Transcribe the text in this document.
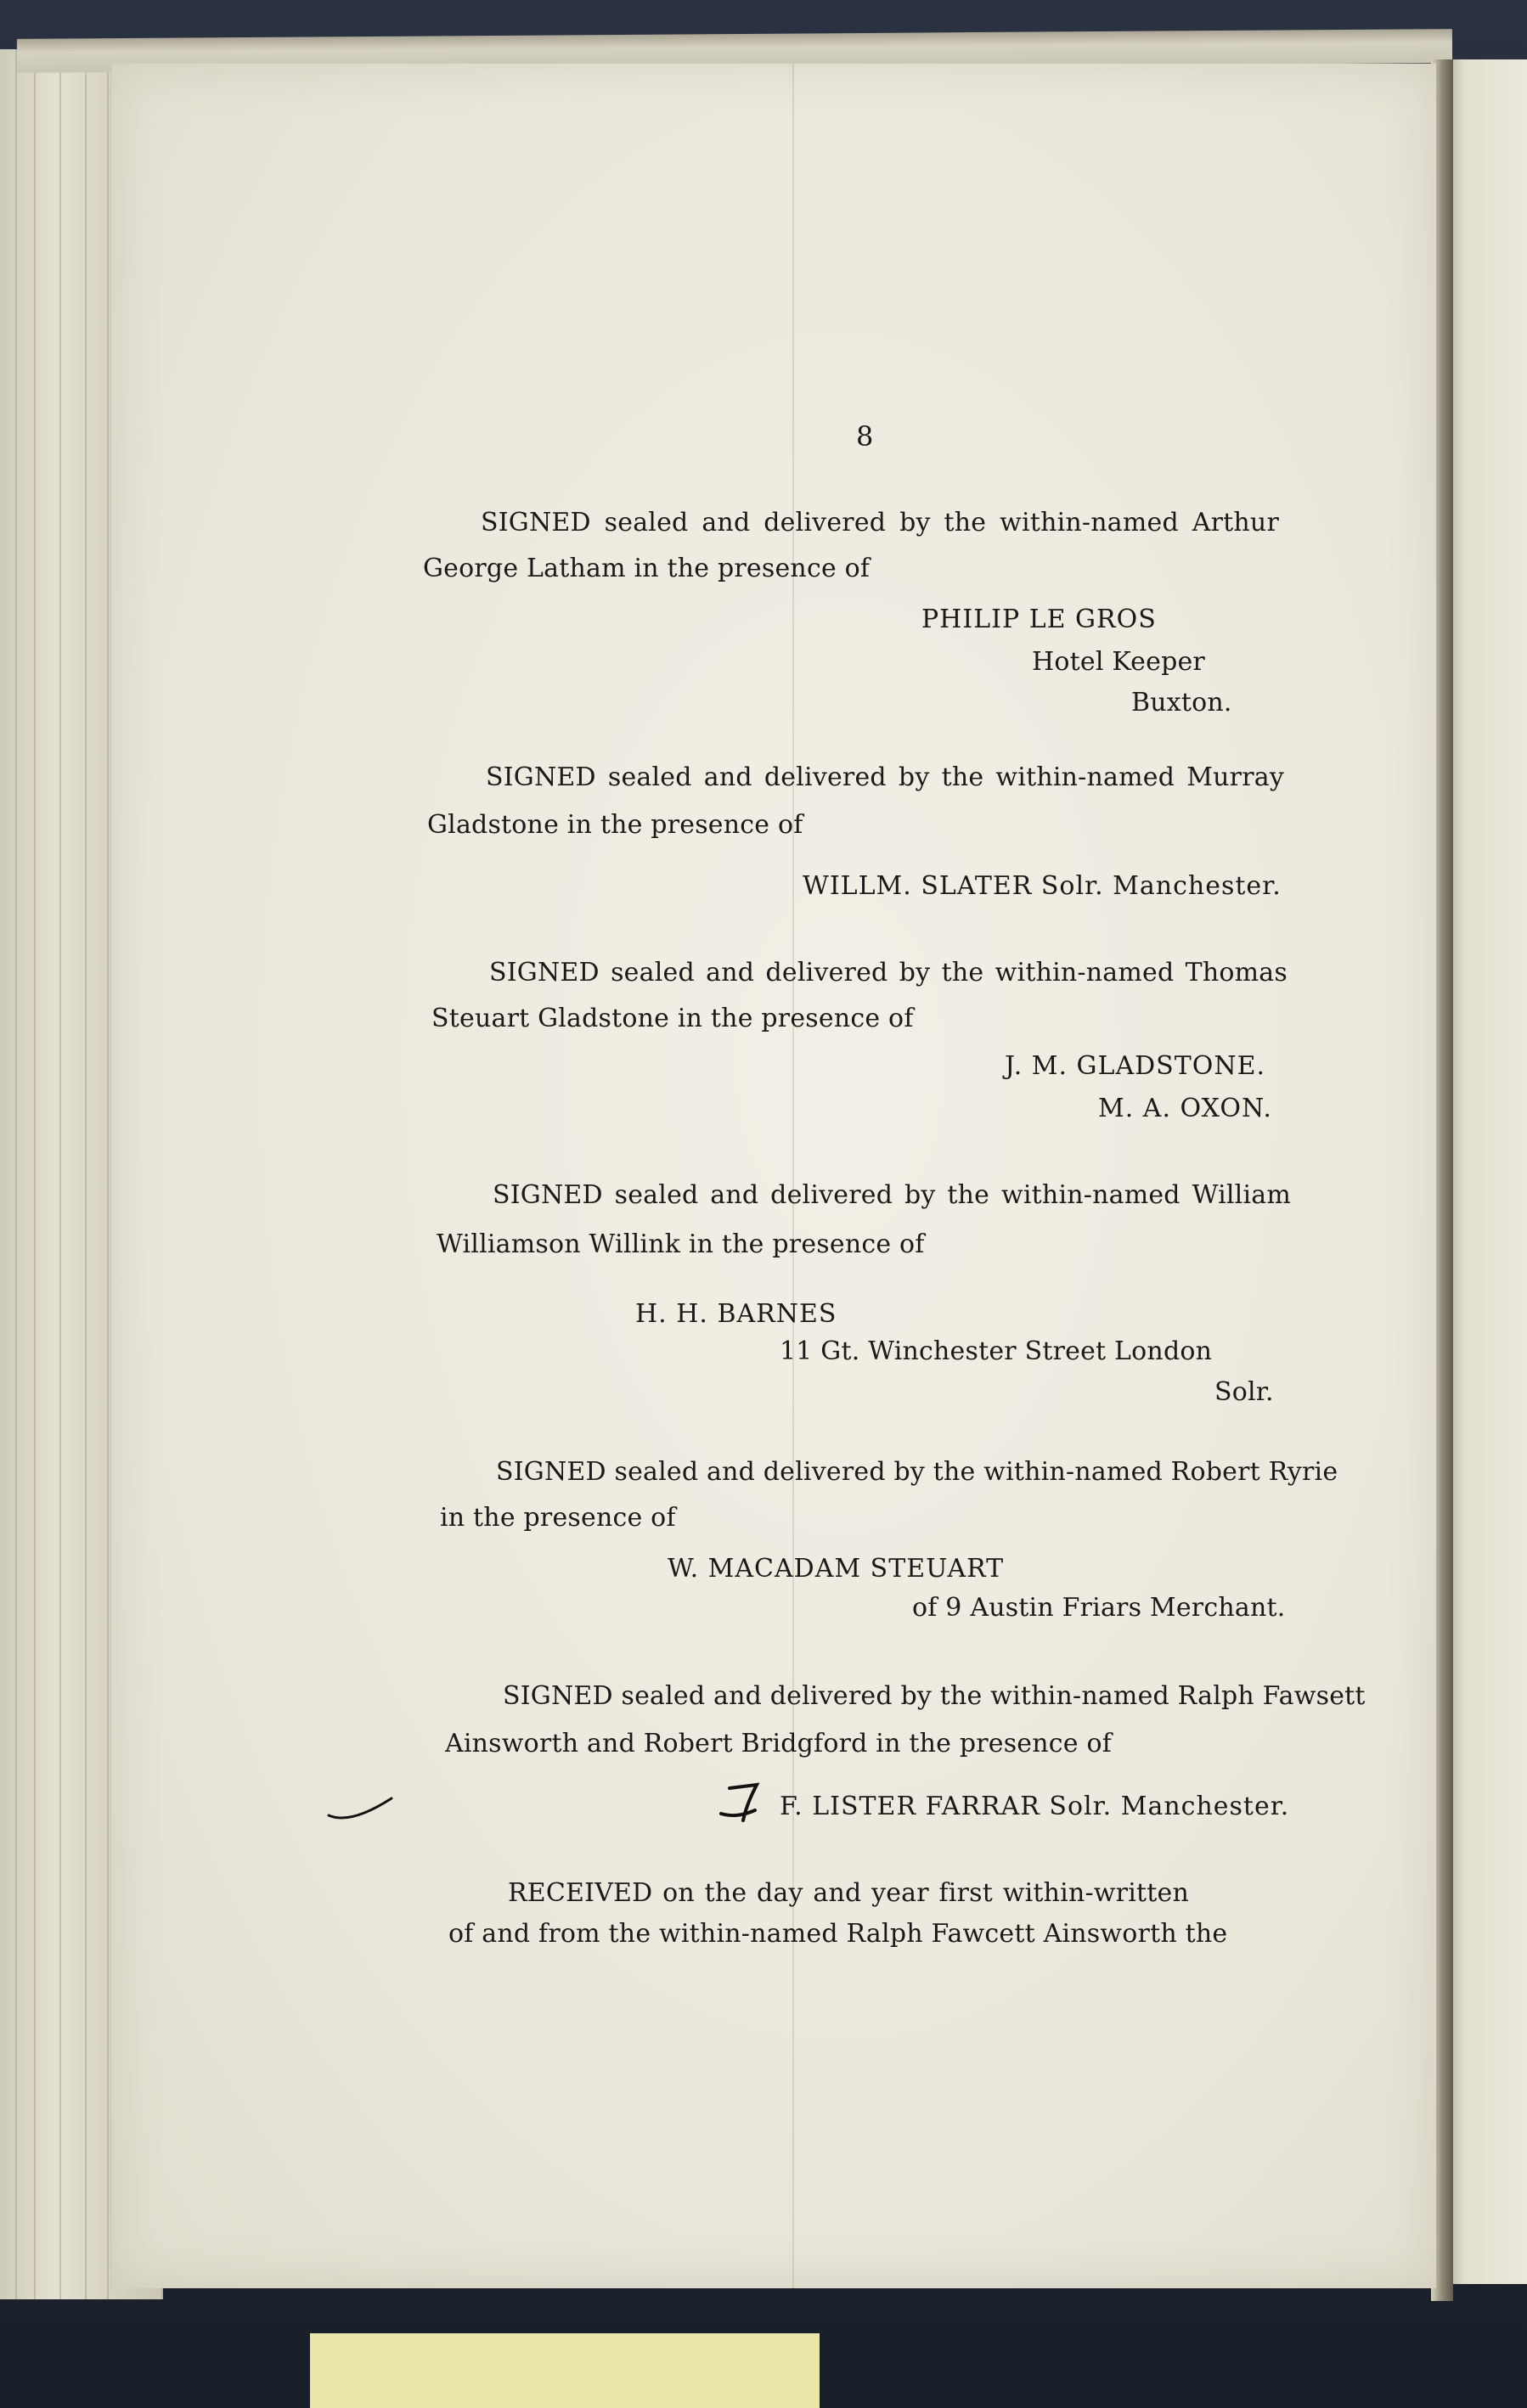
8
SIGNED sealed and delivered by the within-named Arthur
George Latham in the presence of
PHILIP LE GROS
Hotel Keeper
Buxton.
SIGNED sealed and delivered by the within-named Murray
Gladstone in the presence of
WILLM. SLATER Solr. Manchester.
SIGNED sealed and delivered by the within-named Thomas
Steuart Gladstone in the presence of
J. M. GLADSTONE.
M. A. OXON.
SIGNED sealed and delivered by the within-named William
Williamson Willink in the presence of
H. H. BARNES
11 Gt. Winchester Street London
Solr.
SIGNED sealed and delivered by the within-named Robert Ryrie
in the presence of
W. MACADAM STEUART
of 9 Austin Friars Merchant.
SIGNED sealed and delivered by the within-named Ralph Fawsett
Ainsworth and Robert Bridgford in the presence of
F. LISTER FARRAR Solr. Manchester.
RECEIVED on the day and year first within-written
of and from the within-named Ralph Fawcett Ainsworth the
